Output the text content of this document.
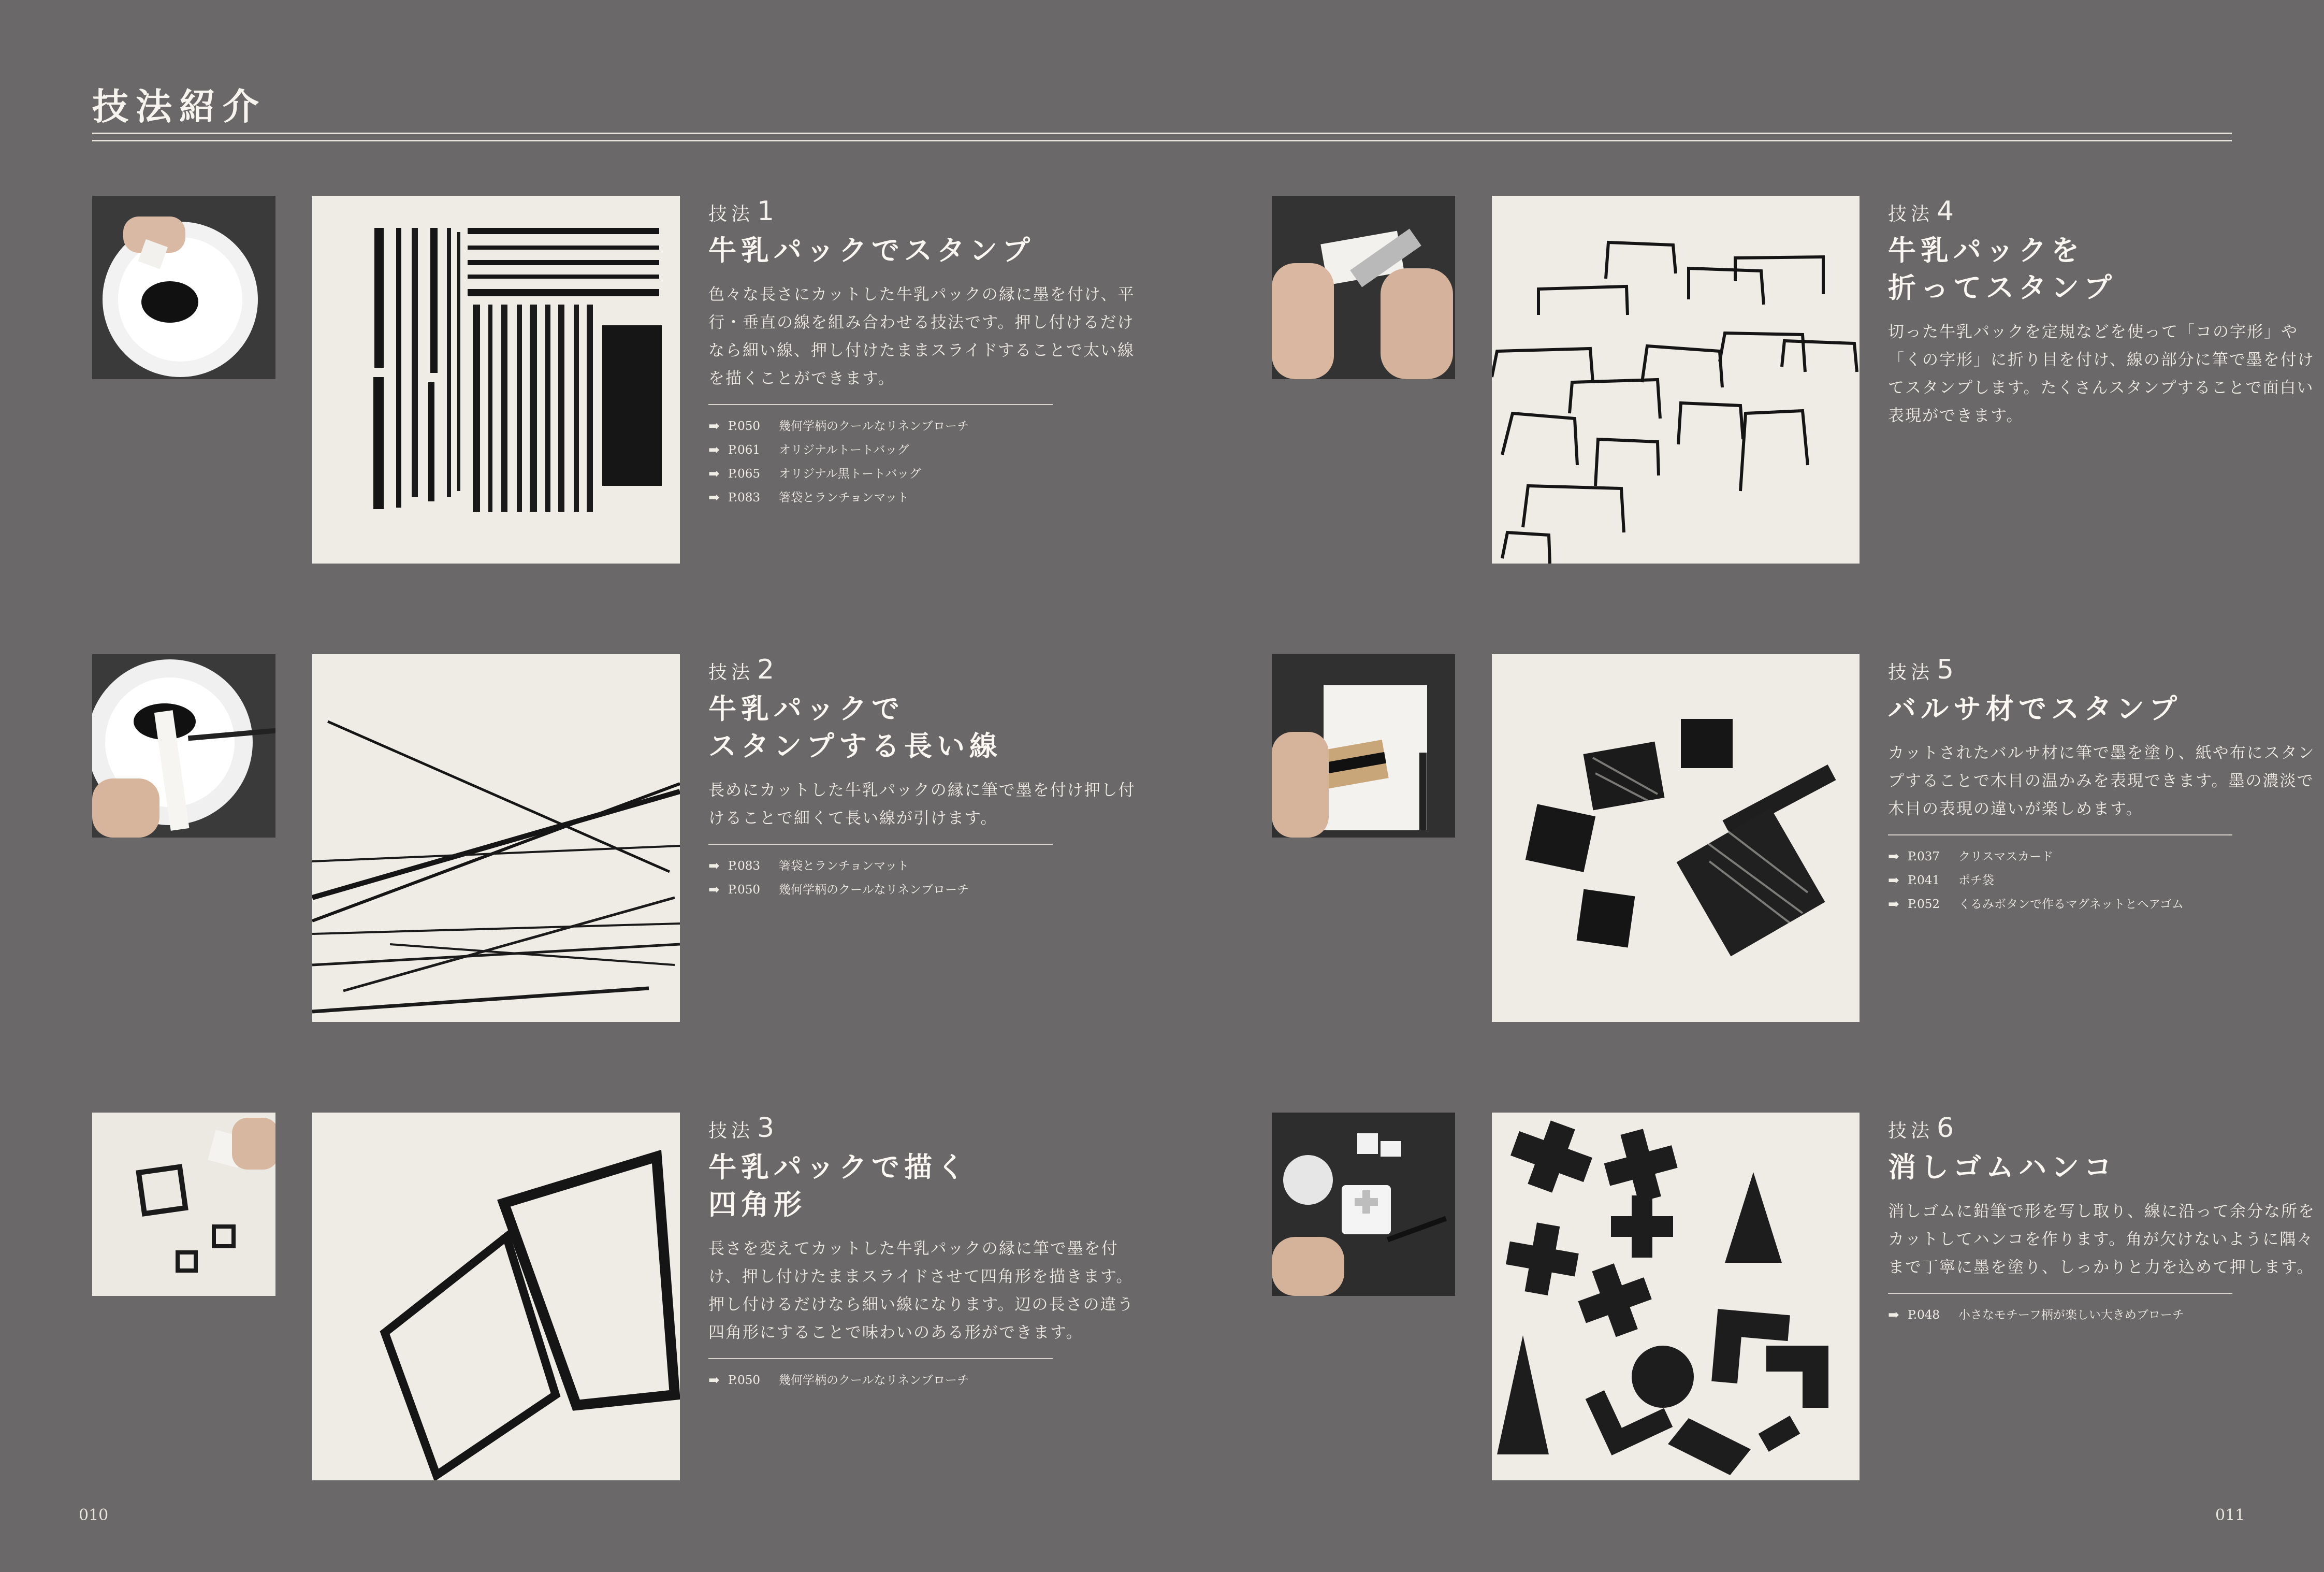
技法紹介
技法 1
牛乳パックでスタンプ
色々な長さにカットした牛乳パックの縁に墨を付け、平行・垂直の線を組み合わせる技法です。押し付けるだけなら細い線、押し付けたままスライドすることで太い線を描くことができます。
➡ P.050	幾何学柄のクールなリネンブローチ
➡ P.061	オリジナルトートバッグ
➡ P.065	オリジナル黒トートバッグ
➡ P.083	箸袋とランチョンマット
技法 2
牛乳パックで
スタンプする長い線
長めにカットした牛乳パックの縁に筆で墨を付け押し付けることで細くて長い線が引けます。
➡ P.083	箸袋とランチョンマット
➡ P.050	幾何学柄のクールなリネンブローチ
技法 3
牛乳パックで描く
四角形
長さを変えてカットした牛乳パックの縁に筆で墨を付け、押し付けたままスライドさせて四角形を描きます。押し付けるだけなら細い線になります。辺の長さの違う四角形にすることで味わいのある形ができます。
➡ P.050	幾何学柄のクールなリネンブローチ
技法 4
牛乳パックを
折ってスタンプ
切った牛乳パックを定規などを使って「コの字形」や「くの字形」に折り目を付け、線の部分に筆で墨を付けてスタンプします。たくさんスタンプすることで面白い表現ができます。
技法 5
バルサ材でスタンプ
カットされたバルサ材に筆で墨を塗り、紙や布にスタンプすることで木目の温かみを表現できます。墨の濃淡で木目の表現の違いが楽しめます。
➡ P.037	クリスマスカード
➡ P.041	ポチ袋
➡ P.052	くるみボタンで作るマグネットとヘアゴム
技法 6
消しゴムハンコ
消しゴムに鉛筆で形を写し取り、線に沿って余分な所をカットしてハンコを作ります。角が欠けないように隅々まで丁寧に墨を塗り、しっかりと力を込めて押します。
➡ P.048	小さなモチーフ柄が楽しい大きめブローチ
010	011
